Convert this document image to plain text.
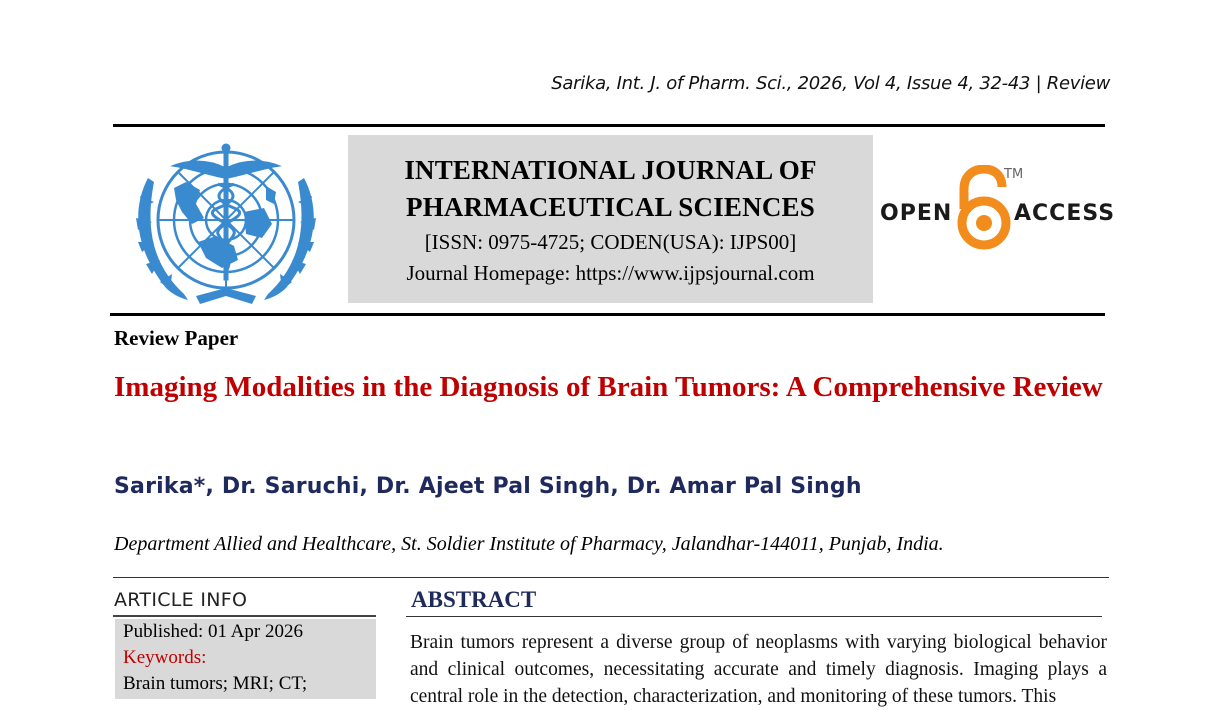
Sarika, Int. J. of Pharm. Sci., 2026, Vol 4, Issue 4, 32-43 | Review
INTERNATIONAL JOURNAL OF
PHARMACEUTICAL SCIENCES
[ISSN: 0975-4725; CODEN(USA): IJPS00]
Journal Homepage: https://www.ijpsjournal.com
OPEN
TM
ACCESS
Review Paper
Imaging Modalities in the Diagnosis of Brain Tumors: A Comprehensive Review
Sarika*, Dr. Saruchi, Dr. Ajeet Pal Singh, Dr. Amar Pal Singh
Department Allied and Healthcare, St. Soldier Institute of Pharmacy, Jalandhar-144011, Punjab, India.
ARTICLE INFO
Published: 01 Apr 2026
Keywords:
Brain tumors; MRI; CT;
ABSTRACT
Brain tumors represent a diverse group of neoplasms with varying biological behavior and clinical outcomes, necessitating accurate and timely diagnosis. Imaging plays a central role in the detection, characterization, and monitoring of these tumors. This
